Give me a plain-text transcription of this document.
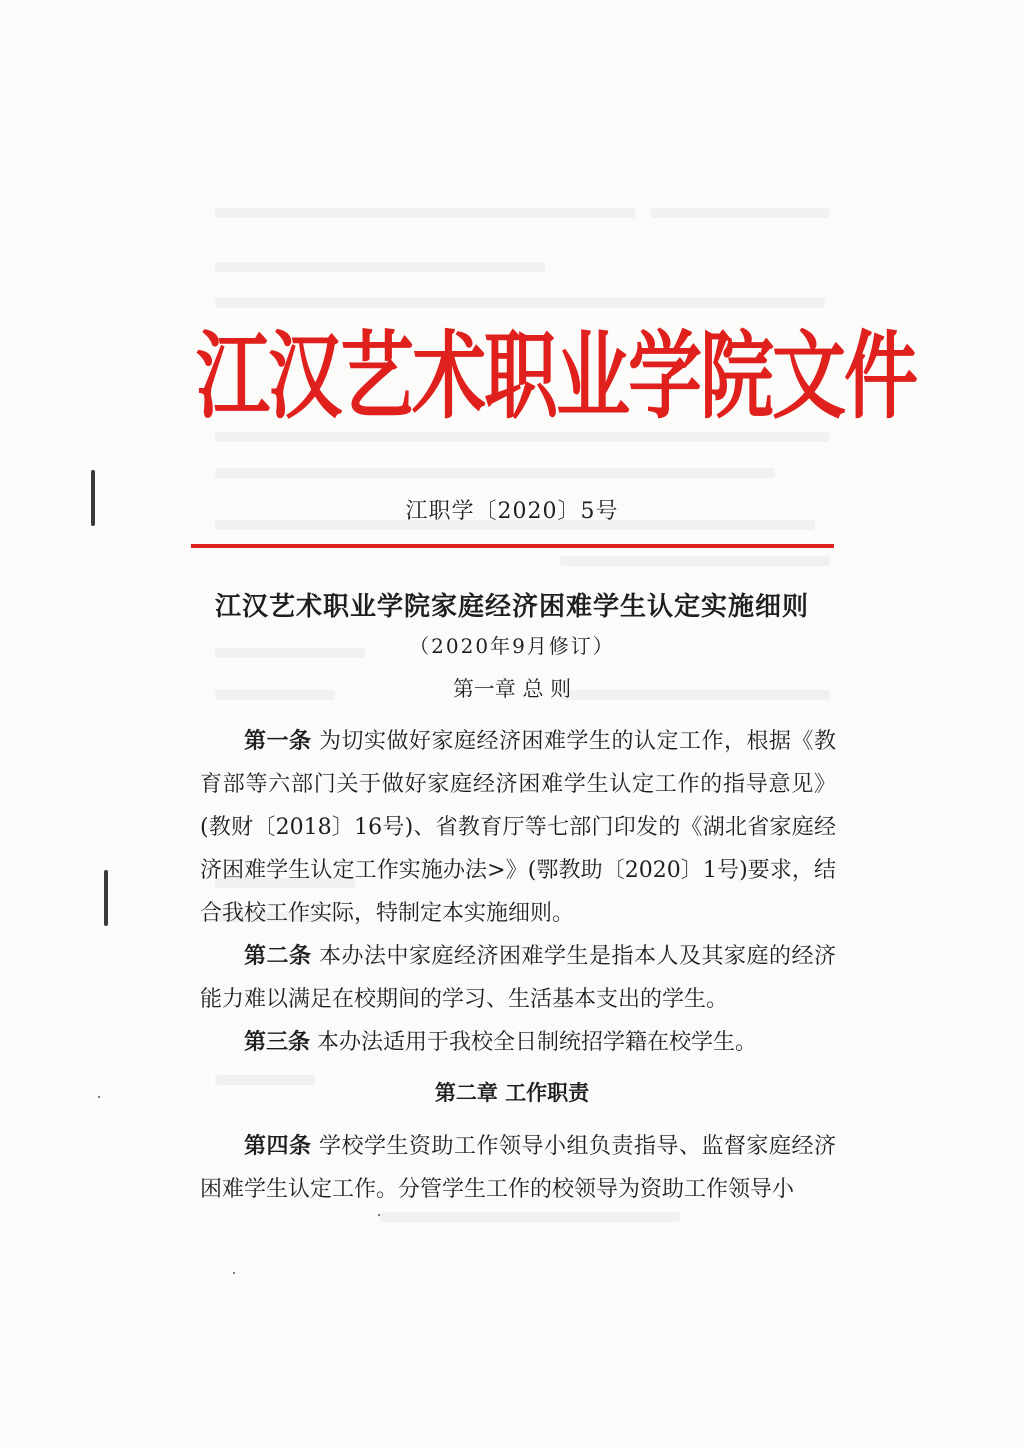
江汉艺术职业学院文件
江职学〔2020〕5号
江汉艺术职业学院家庭经济困难学生认定实施细则
（2020年9月修订）
第一章 总 则
第一条 为切实做好家庭经济困难学生的认定工作，根据《教育部等六部门关于做好家庭经济困难学生认定工作的指导意见》(教财〔2018〕16号)、省教育厅等七部门印发的《湖北省家庭经济困难学生认定工作实施办法>》(鄂教助〔2020〕1号)要求，结合我校工作实际，特制定本实施细则。
第二条 本办法中家庭经济困难学生是指本人及其家庭的经济能力难以满足在校期间的学习、生活基本支出的学生。
第三条 本办法适用于我校全日制统招学籍在校学生。
第二章 工作职责
第四条 学校学生资助工作领导小组负责指导、监督家庭经济困难学生认定工作。分管学生工作的校领导为资助工作领导小
